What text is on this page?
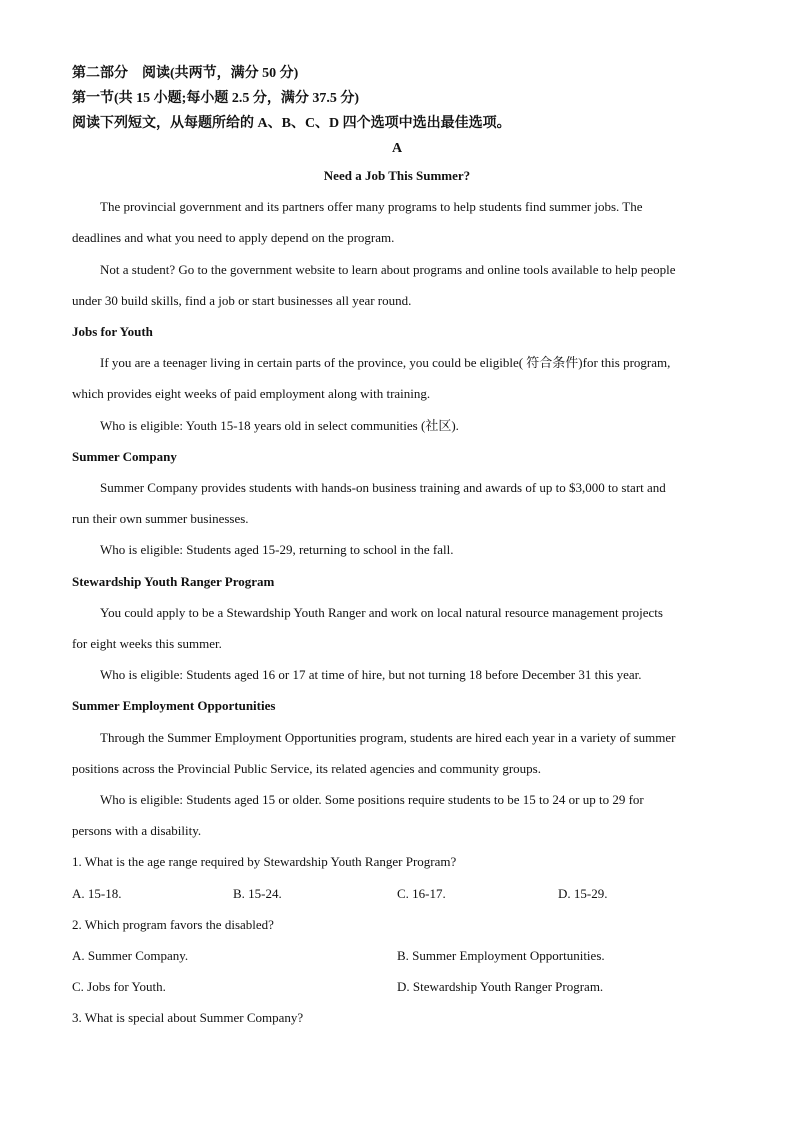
第二部分　阅读(共两节，满分 50 分)
第一节(共 15 小题;每小题 2.5 分，满分 37.5 分)
阅读下列短文，从每题所给的 A、B、C、D 四个选项中选出最佳选项。
A
Need a Job This Summer?
The provincial government and its partners offer many programs to help students find summer jobs. The
deadlines and what you need to apply depend on the program.
Not a student? Go to the government website to learn about programs and online tools available to help people
under 30 build skills, find a job or start businesses all year round.
Jobs for Youth
If you are a teenager living in certain parts of the province, you could be eligible( 符合条件)for this program,
which provides eight weeks of paid employment along with training.
Who is eligible: Youth 15-18 years old in select communities (社区).
Summer Company
Summer Company provides students with hands-on business training and awards of up to $3,000 to start and
run their own summer businesses.
Who is eligible: Students aged 15-29, returning to school in the fall.
Stewardship Youth Ranger Program
You could apply to be a Stewardship Youth Ranger and work on local natural resource management projects
for eight weeks this summer.
Who is eligible: Students aged 16 or 17 at time of hire, but not turning 18 before December 31 this year.
Summer Employment Opportunities
Through the Summer Employment Opportunities program, students are hired each year in a variety of summer
positions across the Provincial Public Service, its related agencies and community groups.
Who is eligible: Students aged 15 or older. Some positions require students to be 15 to 24 or up to 29 for
persons with a disability.
1. What is the age range required by Stewardship Youth Ranger Program?
A. 15-18.	B. 15-24.	C. 16-17.	D. 15-29.
2. Which program favors the disabled?
A. Summer Company.	B. Summer Employment Opportunities.
C. Jobs for Youth.	D. Stewardship Youth Ranger Program.
3. What is special about Summer Company?
